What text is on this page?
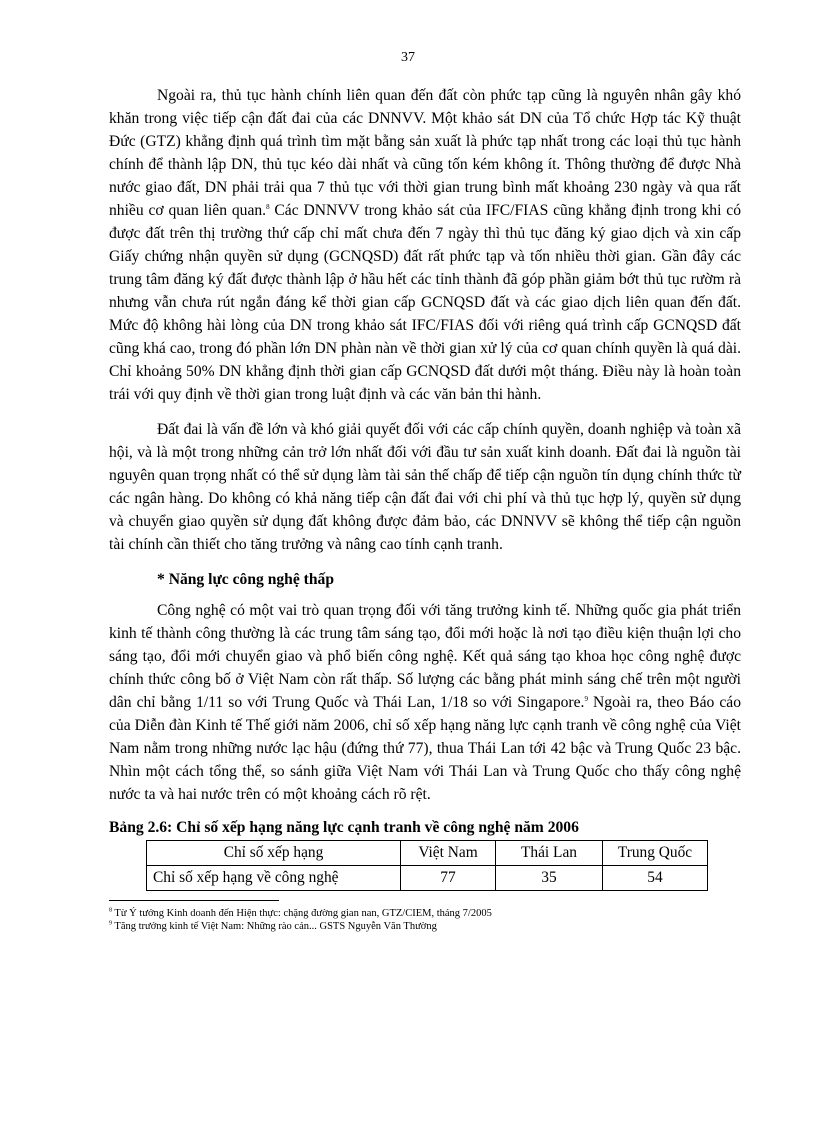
37

Ngoài ra, thủ tục hành chính liên quan đến đất còn phức tạp cũng là nguyên nhân gây khó khăn trong việc tiếp cận đất đai của các DNNVV. Một khảo sát DN của Tổ chức Hợp tác Kỹ thuật Đức (GTZ) khẳng định quá trình tìm mặt bằng sản xuất là phức tạp nhất trong các loại thủ tục hành chính để thành lập DN, thủ tục kéo dài nhất và cũng tốn kém không ít. Thông thường để được Nhà nước giao đất, DN phải trải qua 7 thủ tục với thời gian trung bình mất khoảng 230 ngày và qua rất nhiều cơ quan liên quan.$^8$ Các DNNVV trong khảo sát của IFC/FIAS cũng khẳng định trong khi có được đất trên thị trường thứ cấp chỉ mất chưa đến 7 ngày thì thủ tục đăng ký giao dịch và xin cấp Giấy chứng nhận quyền sử dụng (GCNQSD) đất rất phức tạp và tốn nhiều thời gian. Gần đây các trung tâm đăng ký đất được thành lập ở hầu hết các tỉnh thành đã góp phần giảm bớt thủ tục rườm rà nhưng vẫn chưa rút ngắn đáng kể thời gian cấp GCNQSD đất và các giao dịch liên quan đến đất. Mức độ không hài lòng của DN trong khảo sát IFC/FIAS đối với riêng quá trình cấp GCNQSD đất cũng khá cao, trong đó phần lớn DN phàn nàn về thời gian xử lý của cơ quan chính quyền là quá dài. Chỉ khoảng 50% DN khẳng định thời gian cấp GCNQSD đất dưới một tháng. Điều này là hoàn toàn trái với quy định về thời gian trong luật định và các văn bản thi hành.

Đất đai là vấn đề lớn và khó giải quyết đối với các cấp chính quyền, doanh nghiệp và toàn xã hội, và là một trong những cản trở lớn nhất đối với đầu tư sản xuất kinh doanh. Đất đai là nguồn tài nguyên quan trọng nhất có thể sử dụng làm tài sản thế chấp để tiếp cận nguồn tín dụng chính thức từ các ngân hàng. Do không có khả năng tiếp cận đất đai với chi phí và thủ tục hợp lý, quyền sử dụng và chuyển giao quyền sử dụng đất không được đảm bảo, các DNNVV sẽ không thể tiếp cận nguồn tài chính cần thiết cho tăng trưởng và nâng cao tính cạnh tranh.

* Năng lực công nghệ thấp

Công nghệ có một vai trò quan trọng đối với tăng trưởng kinh tế. Những quốc gia phát triển kinh tế thành công thường là các trung tâm sáng tạo, đổi mới hoặc là nơi tạo điều kiện thuận lợi cho sáng tạo, đổi mới chuyển giao và phổ biến công nghệ. Kết quả sáng tạo khoa học công nghệ được chính thức công bố ở Việt Nam còn rất thấp. Số lượng các bằng phát minh sáng chế trên một người dân chỉ bằng 1/11 so với Trung Quốc và Thái Lan, 1/18 so với Singapore.$^9$ Ngoài ra, theo Báo cáo của Diễn đàn Kinh tế Thế giới năm 2006, chỉ số xếp hạng năng lực cạnh tranh về công nghệ của Việt Nam nằm trong những nước lạc hậu (đứng thứ 77), thua Thái Lan tới 42 bậc và Trung Quốc 23 bậc. Nhìn một cách tổng thể, so sánh giữa Việt Nam với Thái Lan và Trung Quốc cho thấy công nghệ nước ta và hai nước trên có một khoảng cách rõ rệt.

Bảng 2.6: Chỉ số xếp hạng năng lực cạnh tranh về công nghệ năm 2006

Chỉ số xếp hạng	Việt Nam	Thái Lan	Trung Quốc
Chỉ số xếp hạng về công nghệ	77	35	54

$^8$ Từ Ý tưởng Kinh doanh đến Hiện thực: chặng đường gian nan, GTZ/CIEM, tháng 7/2005

$^9$ Tăng trưởng kinh tế Việt Nam: Những rào cản... GSTS Nguyễn Văn Thường
